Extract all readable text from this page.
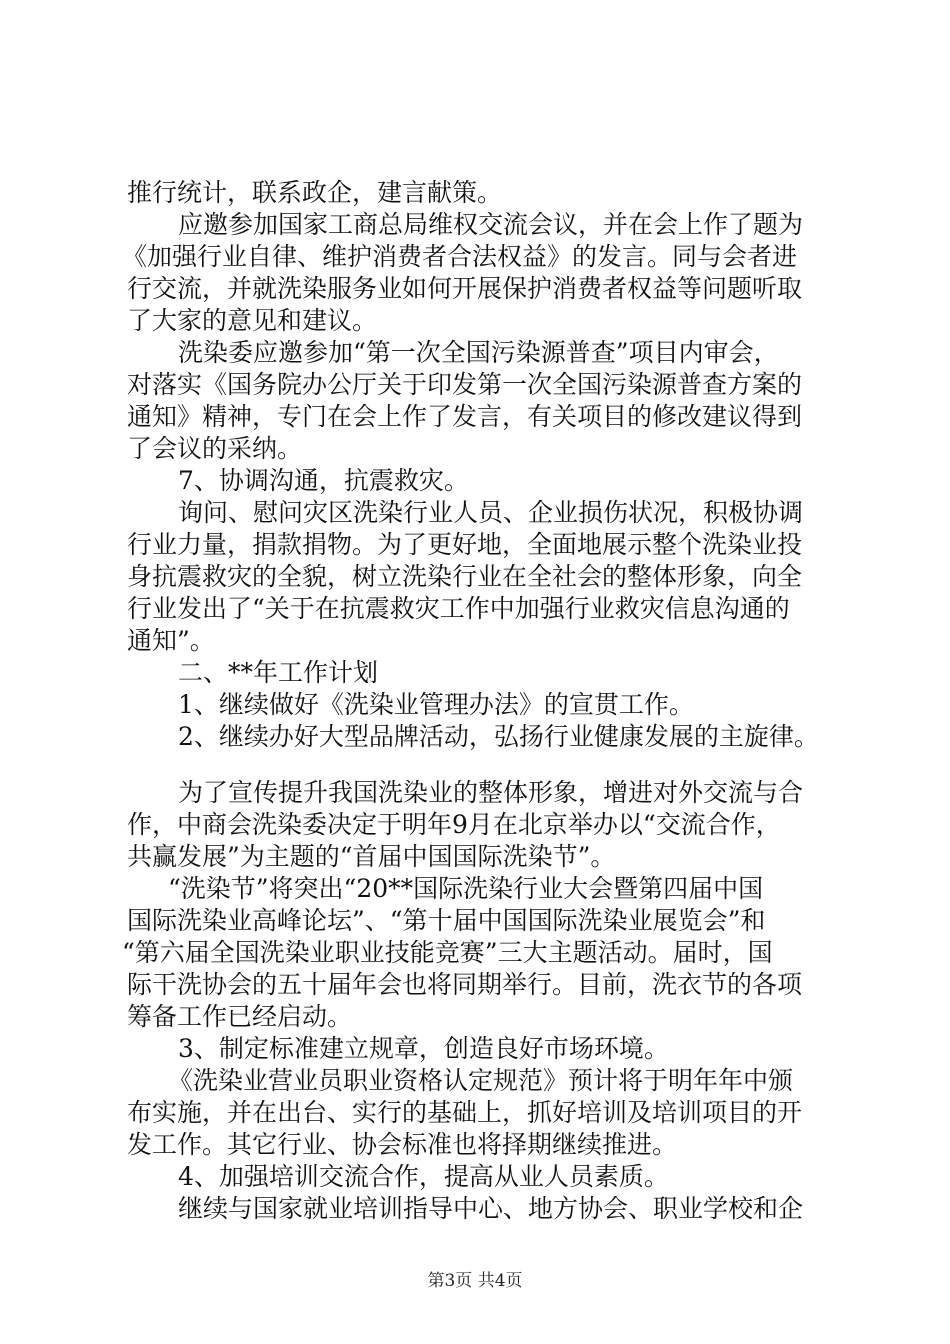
推行统计，联系政企，建言献策。
应邀参加国家工商总局维权交流会议，并在会上作了题为
《加强行业自律、维护消费者合法权益》的发言。同与会者进
行交流，并就洗染服务业如何开展保护消费者权益等问题听取
了大家的意见和建议。
洗染委应邀参加“第一次全国污染源普查”项目内审会，
对落实《国务院办公厅关于印发第一次全国污染源普查方案的
通知》精神，专门在会上作了发言，有关项目的修改建议得到
了会议的采纳。
7、协调沟通，抗震救灾。
询问、慰问灾区洗染行业人员、企业损伤状况，积极协调
行业力量，捐款捐物。为了更好地，全面地展示整个洗染业投
身抗震救灾的全貌，树立洗染行业在全社会的整体形象，向全
行业发出了“关于在抗震救灾工作中加强行业救灾信息沟通的
通知”。
二、**年工作计划
1、继续做好《洗染业管理办法》的宣贯工作。
2、继续办好大型品牌活动，弘扬行业健康发展的主旋律。
为了宣传提升我国洗染业的整体形象，增进对外交流与合
作，中商会洗染委决定于明年9月在北京举办以“交流合作，
共赢发展”为主题的“首届中国国际洗染节”。
“洗染节”将突出“20**国际洗染行业大会暨第四届中国
国际洗染业高峰论坛”、“第十届中国国际洗染业展览会”和
“第六届全国洗染业职业技能竞赛”三大主题活动。届时，国
际干洗协会的五十届年会也将同期举行。目前，洗衣节的各项
筹备工作已经启动。
3、制定标准建立规章，创造良好市场环境。
《洗染业营业员职业资格认定规范》预计将于明年年中颁
布实施，并在出台、实行的基础上，抓好培训及培训项目的开
发工作。其它行业、协会标准也将择期继续推进。
4、加强培训交流合作，提高从业人员素质。
继续与国家就业培训指导中心、地方协会、职业学校和企
第3页 共4页
